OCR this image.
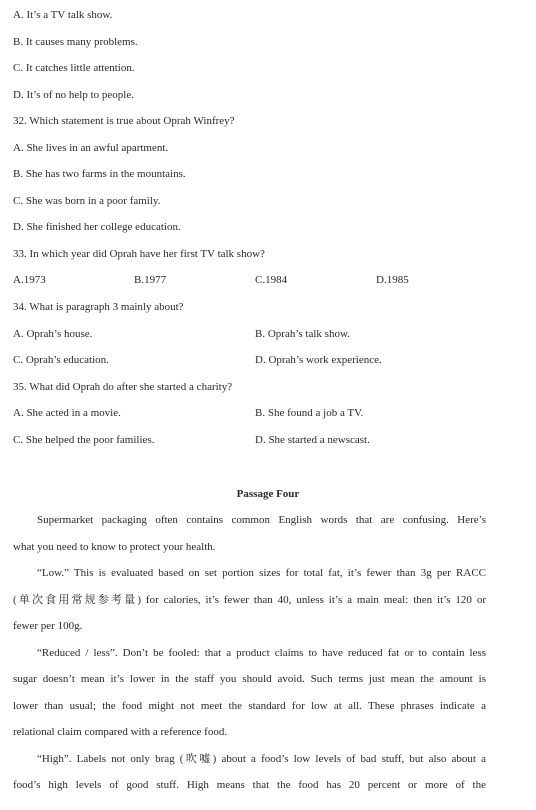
A. It’s a TV talk show.
B. It causes many problems.
C. It catches little attention.
D. It’s of no help to people.
32. Which statement is true about Oprah Winfrey?
A. She lives in an awful apartment.
B. She has two farms in the mountains.
C. She was born in a poor family.
D. She finished her college education.
33. In which year did Oprah have her first TV talk show?
A.1973	B.1977	C.1984	D.1985
34. What is paragraph 3 mainly about?
A. Oprah’s house.	B. Oprah’s talk show.
C. Oprah’s education.	D. Oprah’s work experience.
35. What did Oprah do after she started a charity?
A. She acted in a movie.	B. She found a job a TV.
C. She helped the poor families.	D. She started a newscast.
Passage Four
Supermarket packaging often contains common English words that are confusing. Here’s
what you need to know to protect your health.
“Low.” This is evaluated based on set portion sizes for total fat, it’s fewer than 3g per RACC
(单次食用常规参考量) for calories, it’s fewer than 40, unless it’s a main meal: then it’s 120 or
fewer per 100g.
“Reduced / less”. Don’t be fooled: that a product claims to have reduced fat or to contain less
sugar doesn’t mean it’s lower in the staff you should avoid. Such terms just mean the amount is
lower than usual; the food might not meet the standard for low at all. These phrases indicate a
relational claim compared with a reference food.
“High”. Labels not only brag (吹嘘) about a food’s low levels of bad stuff, but also about a
food’s high levels of good stuff. High means that the food has 20 percent or more of the
